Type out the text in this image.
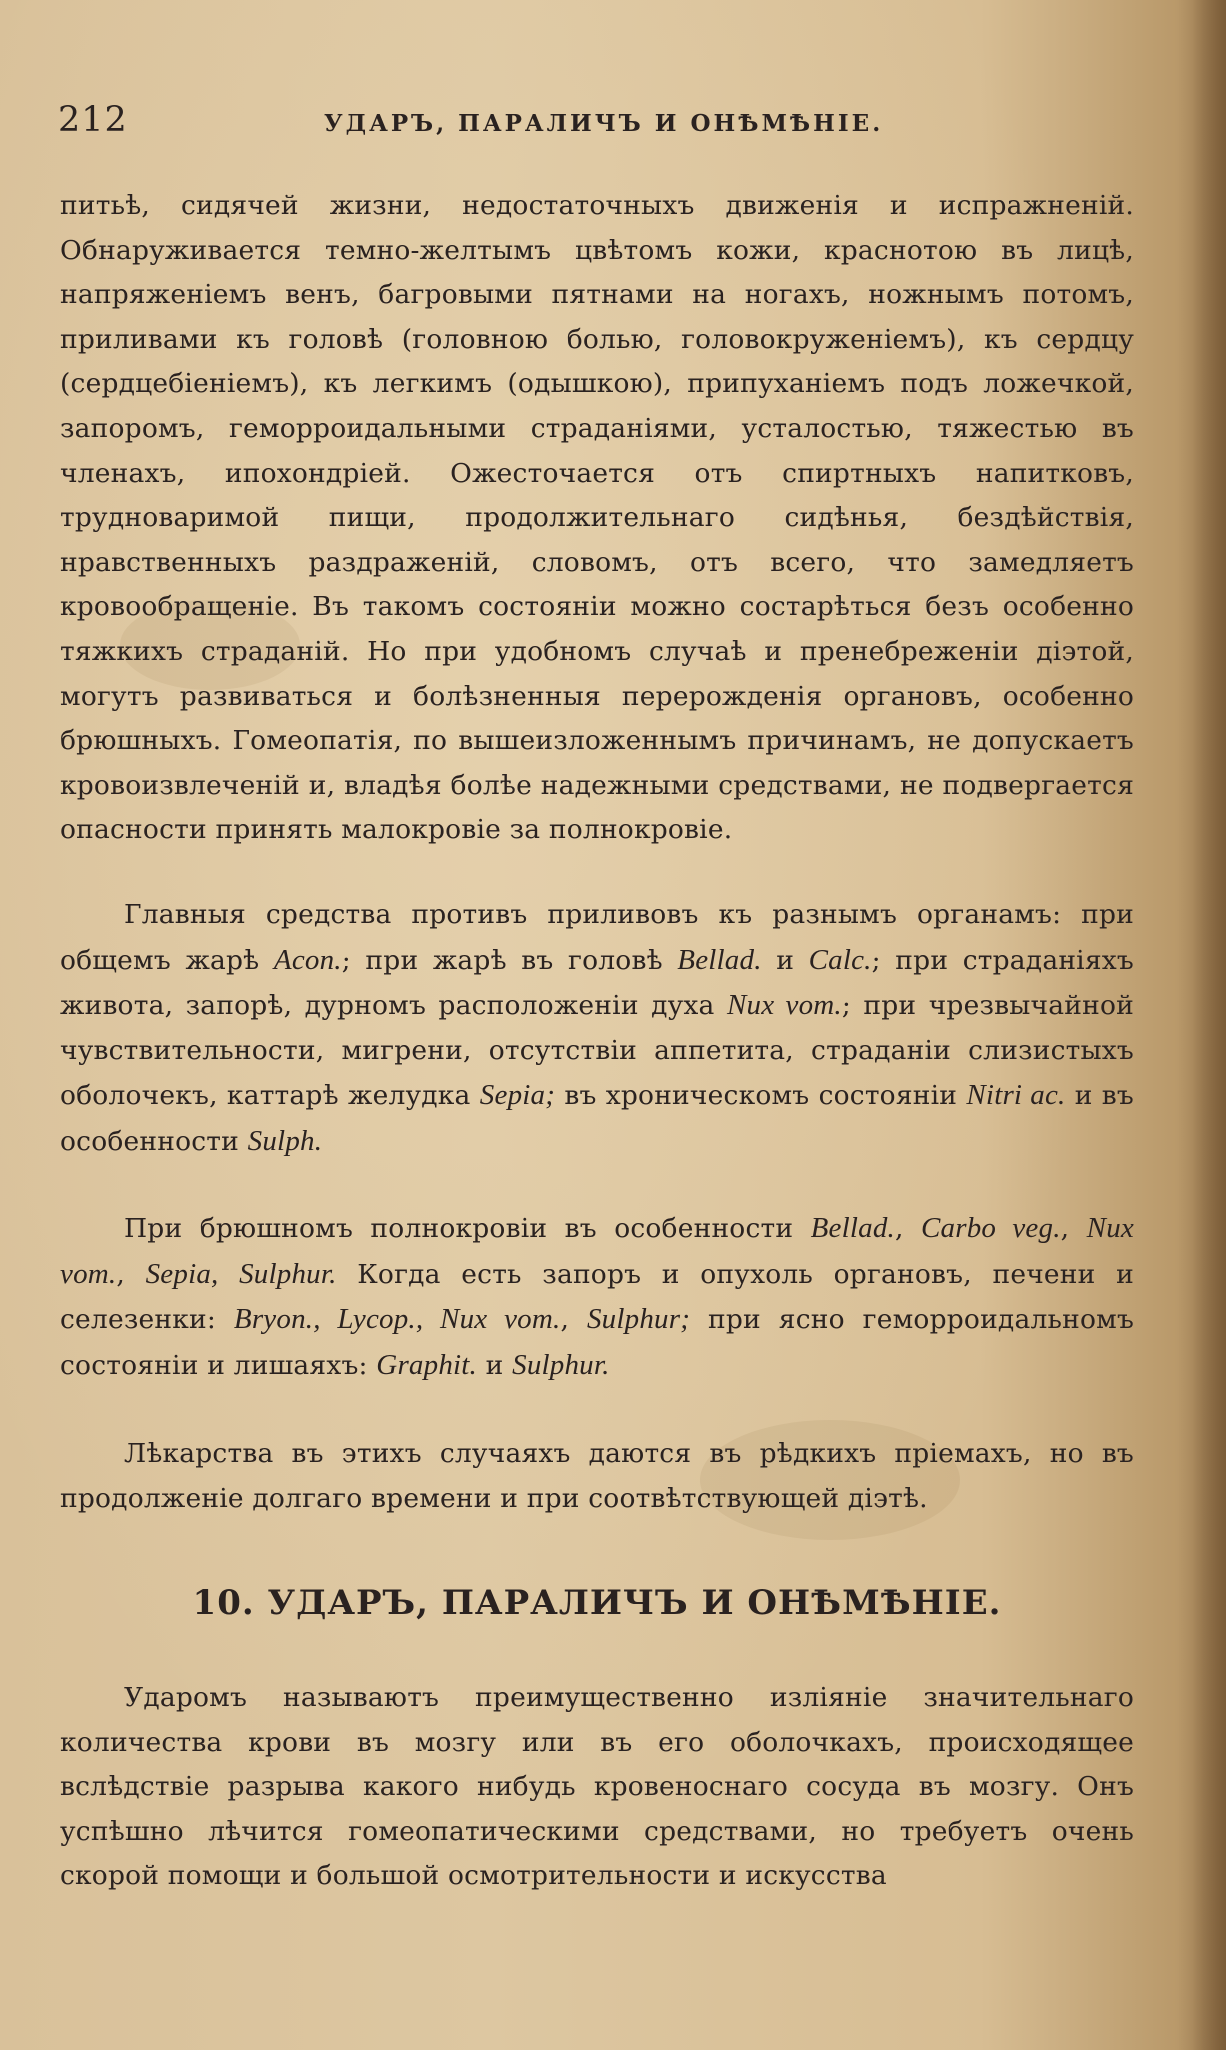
212	УДАРЪ, ПАРАЛИЧЪ И ОНѢМѢНІЕ.

питьѣ, сидячей жизни, недостаточныхъ движенія и испражненій. Обнаруживается темно-желтымъ цвѣтомъ кожи, краснотою въ лицѣ, напряженіемъ венъ, багровыми пятнами на ногахъ, ножнымъ потомъ, приливами къ головѣ (головною болью, головокруженіемъ), къ сердцу (сердцебіеніемъ), къ легкимъ (одышкою), припуханіемъ подъ ложечкой, запоромъ, геморроидальными страданіями, усталостью, тяжестью въ членахъ, ипохондріей. Ожесточается отъ спиртныхъ напитковъ, трудноваримой пищи, продолжительнаго сидѣнья, бездѣйствія, нравственныхъ раздраженій, словомъ, отъ всего, что замедляетъ кровообращеніе. Въ такомъ состояніи можно состарѣться безъ особенно тяжкихъ страданій. Но при удобномъ случаѣ и пренебреженіи діэтой, могутъ развиваться и болѣзненныя перерожденія органовъ, особенно брюшныхъ. Гомеопатія, по вышеизложеннымъ причинамъ, не допускаетъ кровоизвлеченій и, владѣя болѣе надежными средствами, не подвергается опасности принять малокровіе за полнокровіе.

Главныя средства противъ приливовъ къ разнымъ органамъ: при общемъ жарѣ Acon.; при жарѣ въ головѣ Bellad. и Calc.; при страданіяхъ живота, запорѣ, дурномъ расположеніи духа Nux vom.; при чрезвычайной чувствительности, мигрени, отсутствіи аппетита, страданіи слизистыхъ оболочекъ, каттарѣ желудка Sepia; въ хроническомъ состояніи Nitri ac. и въ особенности Sulph.

При брюшномъ полнокровіи въ особенности Bellad., Carbo veg., Nux vom., Sepia, Sulphur. Когда есть запоръ и опухоль органовъ, печени и селезенки: Bryon., Lycop., Nux vom., Sulphur; при ясно геморроидальномъ состояніи и лишаяхъ: Graphit. и Sulphur.

Лѣкарства въ этихъ случаяхъ даются въ рѣдкихъ пріемахъ, но въ продолженіе долгаго времени и при соотвѣтствующей діэтѣ.

10. УДАРЪ, ПАРАЛИЧЪ И ОНѢМѢНІЕ.

Ударомъ называютъ преимущественно изліяніе значительнаго количества крови въ мозгу или въ его оболочкахъ, происходящее вслѣдствіе разрыва какого нибудь кровеноснаго сосуда въ мозгу. Онъ успѣшно лѣчится гомеопатическими средствами, но требуетъ очень скорой помощи и большой осмотрительности и искусства
